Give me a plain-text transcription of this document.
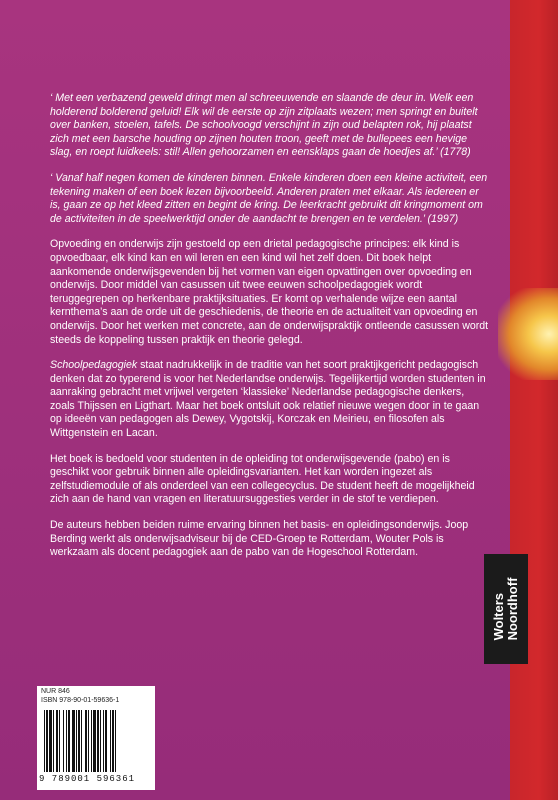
‘ Met een verbazend geweld dringt men al schreeuwende en slaande de deur in. Welk een holderend bolderend geluid! Elk wil de eerste op zijn zitplaats wezen; men springt en buitelt over banken, stoelen, tafels. De schoolvoogd verschijnt in zijn oud belapten rok, hij plaatst zich met een barsche houding op zijnen houten troon, geeft met de bullepees een hevige slag, en roept luidkeels: stil! Allen gehoorzamen en eensklaps gaan de hoedjes af.’ (1778)

‘ Vanaf half negen komen de kinderen binnen. Enkele kinderen doen een kleine activiteit, een tekening maken of een boek lezen bijvoorbeeld. Anderen praten met elkaar. Als iedereen er is, gaan ze op het kleed zitten en begint de kring. De leerkracht gebruikt dit kringmoment om de activiteiten in de speelwerktijd onder de aandacht te brengen en te verdelen.’ (1997)

Opvoeding en onderwijs zijn gestoeld op een drietal pedagogische principes: elk kind is opvoedbaar, elk kind kan en wil leren en een kind wil het zelf doen. Dit boek helpt aankomende onderwijsgevenden bij het vormen van eigen opvattingen over opvoeding en onderwijs. Door middel van casussen uit twee eeuwen schoolpedagogiek wordt teruggegrepen op herkenbare praktijksituaties. Er komt op verhalende wijze een aantal kernthema’s aan de orde uit de geschiedenis, de theorie en de actualiteit van opvoeding en onderwijs. Door het werken met concrete, aan de onderwijspraktijk ontleende casussen wordt steeds de koppeling tussen praktijk en theorie gelegd.

Schoolpedagogiek staat nadrukkelijk in de traditie van het soort praktijkgericht pedagogisch denken dat zo typerend is voor het Nederlandse onderwijs. Tegelijkertijd worden studenten in aanraking gebracht met vrijwel vergeten ‘klassieke’ Nederlandse pedagogische denkers, zoals Thijssen en Ligthart. Maar het boek ontsluit ook relatief nieuwe wegen door in te gaan op ideeën van pedagogen als Dewey, Vygotskij, Korczak en Meirieu, en filosofen als Wittgenstein en Lacan.

Het boek is bedoeld voor studenten in de opleiding tot onderwijsgevende (pabo) en is geschikt voor gebruik binnen alle opleidingsvarianten. Het kan worden ingezet als zelfstudiemodule of als onderdeel van een collegecyclus. De student heeft de mogelijkheid zich aan de hand van vragen en literatuursuggesties verder in de stof te verdiepen.

De auteurs hebben beiden ruime ervaring binnen het basis- en opleidingsonderwijs. Joop Berding werkt als onderwijsadviseur bij de CED-Groep te Rotterdam, Wouter Pols is werkzaam als docent pedagogiek aan de pabo van de Hogeschool Rotterdam.

NUR 846
ISBN 978-90-01-59636-1
9 789001 596361
Wolters Noordhoff
